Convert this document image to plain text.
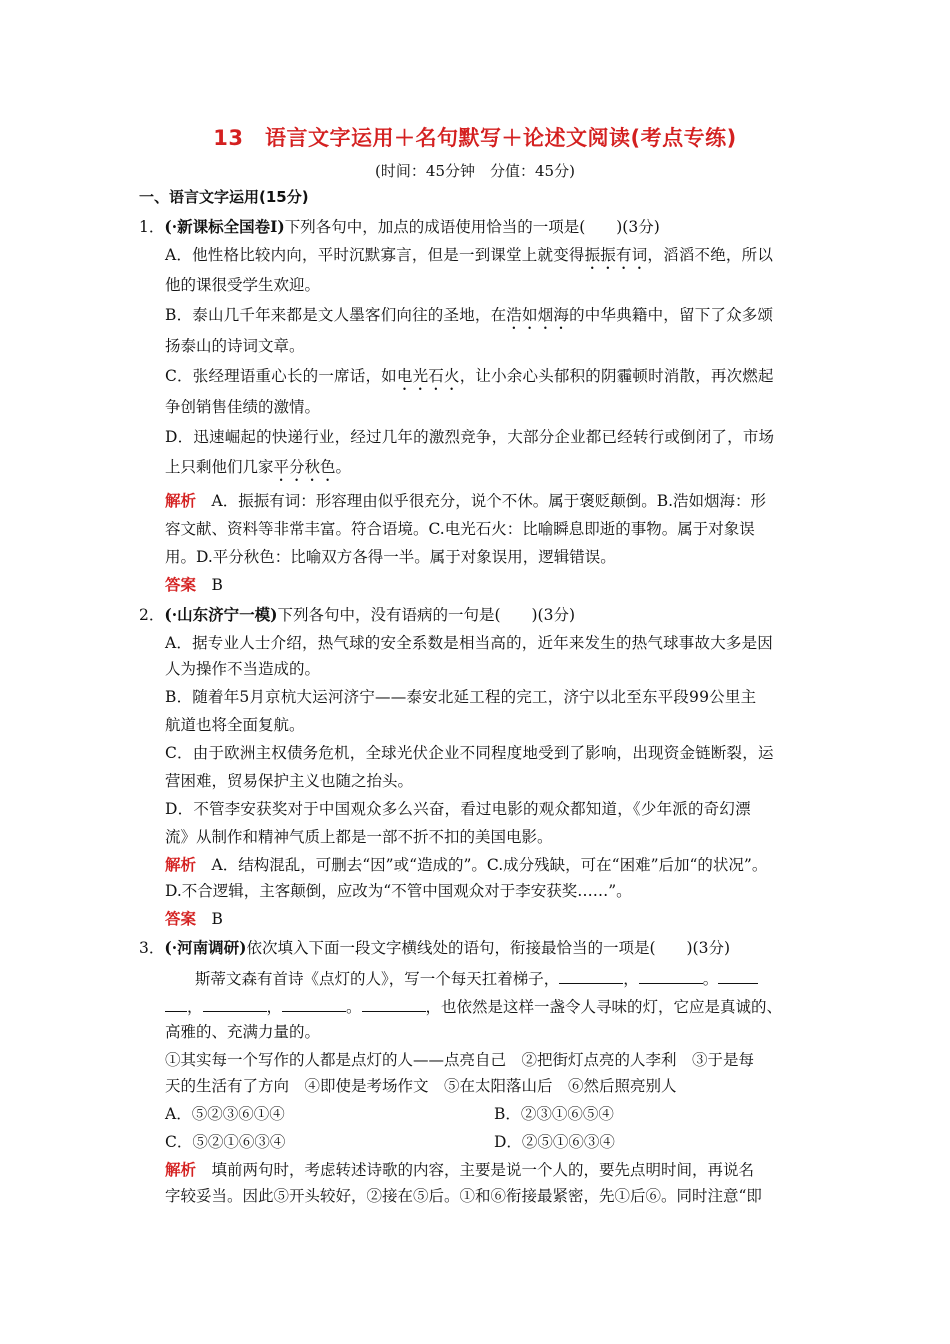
13　语言文字运用＋名句默写＋论述文阅读(考点专练)
(时间：45分钟　分值：45分)
一、语言文字运用(15分)
1．(·新课标全国卷Ⅰ)下列各句中，加点的成语使用恰当的一项是(　　)(3分)
A．他性格比较内向，平时沉默寡言，但是一到课堂上就变得振振有词，滔滔不绝，所以
他的课很受学生欢迎。
B．泰山几千年来都是文人墨客们向往的圣地，在浩如烟海的中华典籍中，留下了众多颂
扬泰山的诗词文章。
C．张经理语重心长的一席话，如电光石火，让小余心头郁积的阴霾顿时消散，再次燃起
争创销售佳绩的激情。
D．迅速崛起的快递行业，经过几年的激烈竞争，大部分企业都已经转行或倒闭了，市场
上只剩他们几家平分秋色。
解析　 A．振振有词：形容理由似乎很充分，说个不休。属于褒贬颠倒。B.浩如烟海：形
容文献、资料等非常丰富。符合语境。C.电光石火：比喻瞬息即逝的事物。属于对象误
用。D.平分秋色：比喻双方各得一半。属于对象误用，逻辑错误。
答案　 B
2．(·山东济宁一模)下列各句中，没有语病的一句是(　　)(3分)
A．据专业人士介绍，热气球的安全系数是相当高的，近年来发生的热气球事故大多是因
人为操作不当造成的。
B．随着年5月京杭大运河济宁——泰安北延工程的完工，济宁以北至东平段99公里主
航道也将全面复航。
C．由于欧洲主权债务危机，全球光伏企业不同程度地受到了影响，出现资金链断裂，运
营困难，贸易保护主义也随之抬头。
D．不管李安获奖对于中国观众多么兴奋，看过电影的观众都知道，《少年派的奇幻漂
流》从制作和精神气质上都是一部不折不扣的美国电影。
解析　 A．结构混乱，可删去“因”或“造成的”。C.成分残缺，可在“困难”后加“的状况”。
D.不合逻辑，主客颠倒，应改为“不管中国观众对于李安获奖……”。
答案　 B
3．(·河南调研)依次填入下面一段文字横线处的语句，衔接最恰当的一项是(　　)(3分)
斯蒂文森有首诗《点灯的人》，写一个每天扛着梯子，	，	。
，	，	。	，也依然是这样一盏令人寻味的灯，它应是真诚的、
高雅的、充满力量的。
①其实每一个写作的人都是点灯的人——点亮自己　②把街灯点亮的人李利　③于是每
天的生活有了方向　④即使是考场作文　⑤在太阳落山后　⑥然后照亮别人
A．⑤②③⑥①④	B．②③①⑥⑤④
C．⑤②①⑥③④	D．②⑤①⑥③④
解析　 填前两句时，考虑转述诗歌的内容，主要是说一个人的，要先点明时间，再说名
字较妥当。因此⑤开头较好，②接在⑤后。①和⑥衔接最紧密，先①后⑥。同时注意“即
